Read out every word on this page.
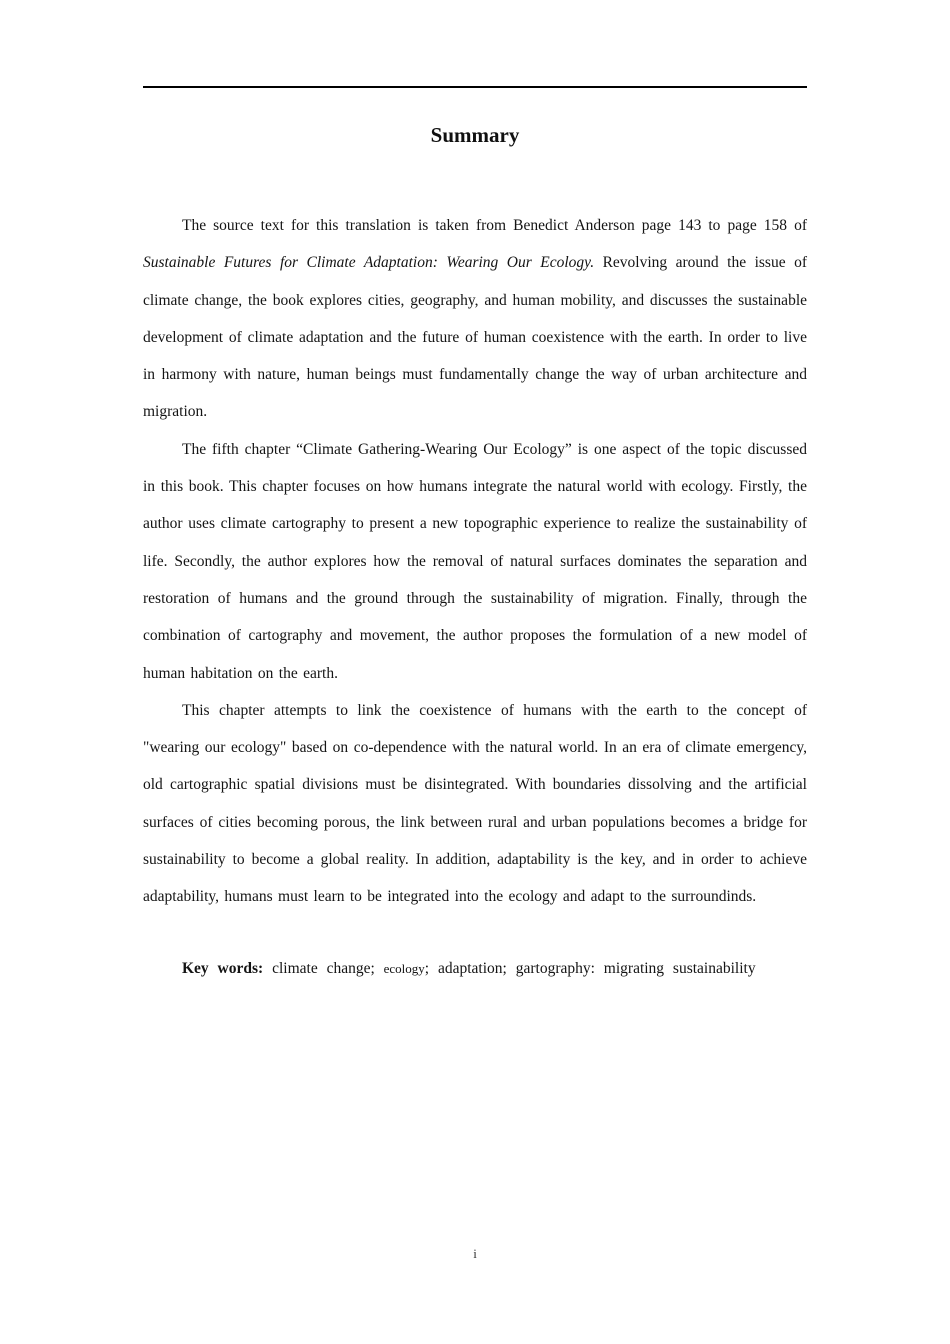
Summary

The source text for this translation is taken from Benedict Anderson page 143 to page 158 of Sustainable Futures for Climate Adaptation: Wearing Our Ecology. Revolving around the issue of climate change, the book explores cities, geography, and human mobility, and discusses the sustainable development of climate adaptation and the future of human coexistence with the earth. In order to live in harmony with nature, human beings must fundamentally change the way of urban architecture and migration.

The fifth chapter “Climate Gathering-Wearing Our Ecology” is one aspect of the topic discussed in this book. This chapter focuses on how humans integrate the natural world with ecology. Firstly, the author uses climate cartography to present a new topographic experience to realize the sustainability of life. Secondly, the author explores how the removal of natural surfaces dominates the separation and restoration of humans and the ground through the sustainability of migration. Finally, through the combination of cartography and movement, the author proposes the formulation of a new model of human habitation on the earth.

This chapter attempts to link the coexistence of humans with the earth to the concept of "wearing our ecology" based on co-dependence with the natural world. In an era of climate emergency, old cartographic spatial divisions must be disintegrated. With boundaries dissolving and the artificial surfaces of cities becoming porous, the link between rural and urban populations becomes a bridge for sustainability to become a global reality. In addition, adaptability is the key, and in order to achieve adaptability, humans must learn to be integrated into the ecology and adapt to the surroundinds.

Key words: climate change; ecology; adaptation; gartography: migrating sustainability

i
